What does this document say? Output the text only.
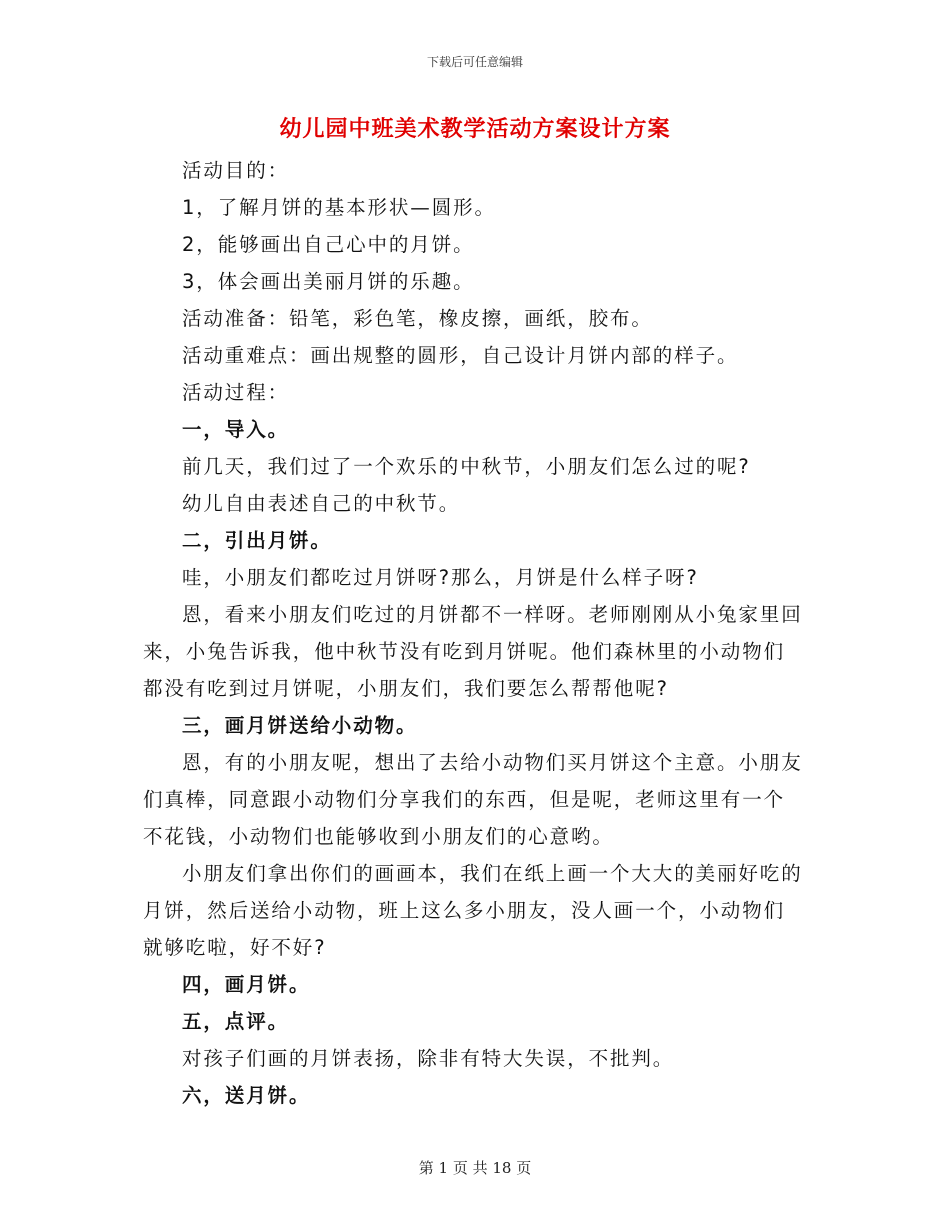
下载后可任意编辑
幼儿园中班美术教学活动方案设计方案

活动目的：

1，了解月饼的基本形状—圆形。

2，能够画出自己心中的月饼。

3，体会画出美丽月饼的乐趣。

活动准备：铅笔，彩色笔，橡皮擦，画纸，胶布。

活动重难点：画出规整的圆形，自己设计月饼内部的样子。

活动过程：

一，导入。

前几天，我们过了一个欢乐的中秋节，小朋友们怎么过的呢?

幼儿自由表述自己的中秋节。

二，引出月饼。

哇，小朋友们都吃过月饼呀?那么，月饼是什么样子呀?

恩，看来小朋友们吃过的月饼都不一样呀。老师刚刚从小兔家里回来，小兔告诉我，他中秋节没有吃到月饼呢。他们森林里的小动物们都没有吃到过月饼呢，小朋友们，我们要怎么帮帮他呢?

三，画月饼送给小动物。

恩，有的小朋友呢，想出了去给小动物们买月饼这个主意。小朋友们真棒，同意跟小动物们分享我们的东西，但是呢，老师这里有一个不花钱，小动物们也能够收到小朋友们的心意哟。

小朋友们拿出你们的画画本，我们在纸上画一个大大的美丽好吃的月饼，然后送给小动物，班上这么多小朋友，没人画一个，小动物们就够吃啦，好不好?

四，画月饼。

五，点评。

对孩子们画的月饼表扬，除非有特大失误，不批判。

六，送月饼。

第 1 页 共 18 页
